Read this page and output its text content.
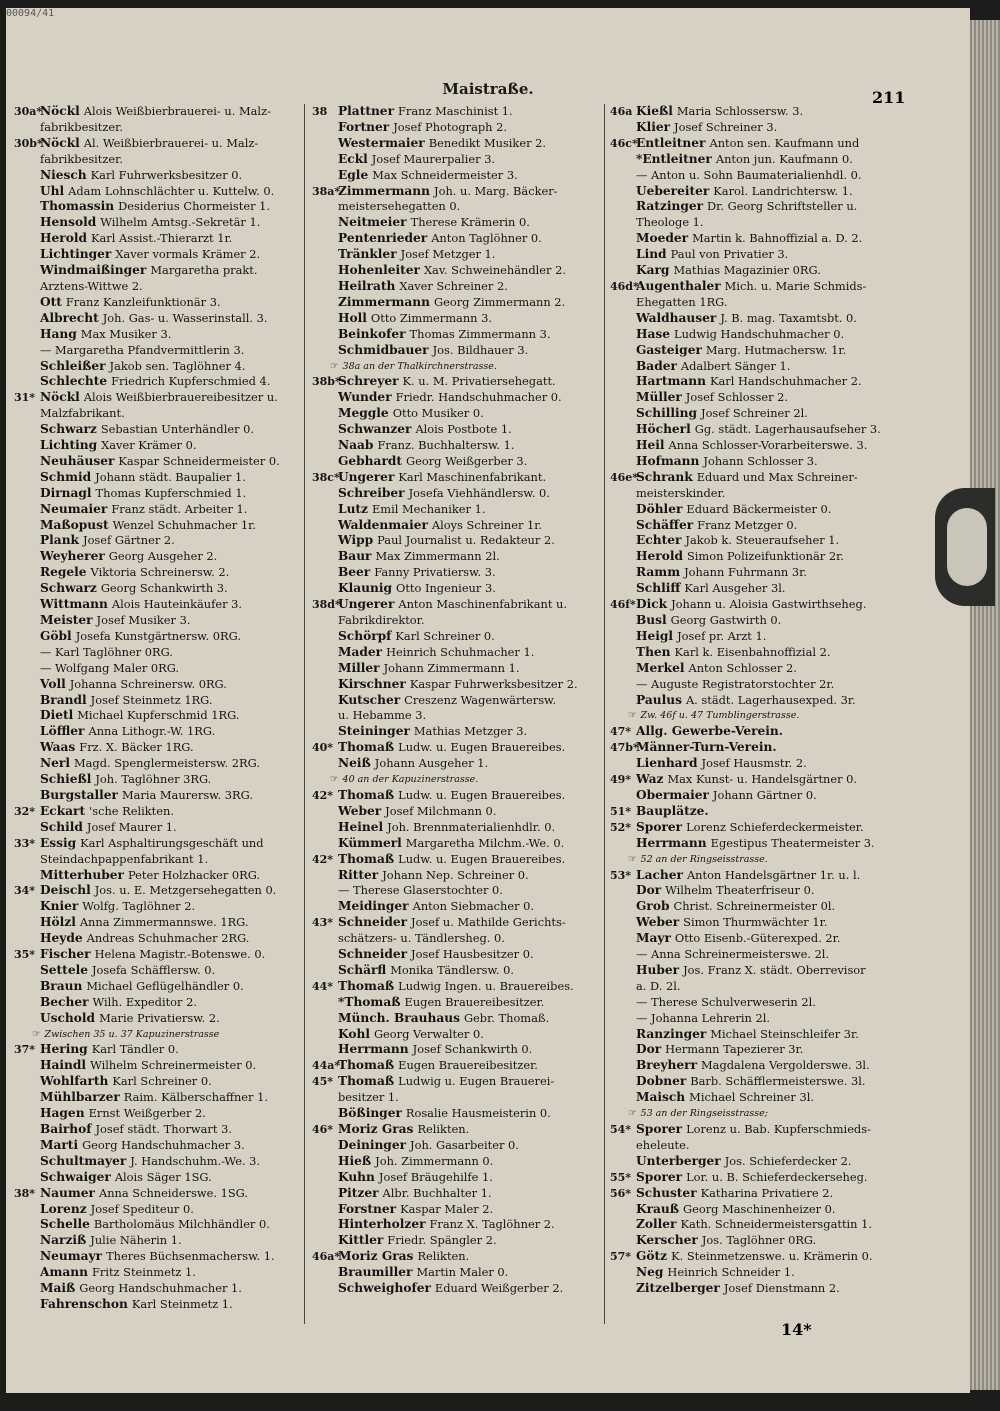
00094/41
Maistraße.	211
30a*
Nöckl Alois Weißbierbrauerei- u. Malz-
fabrikbesitzer.
30b*
Nöckl Al. Weißbierbrauerei- u. Malz-
fabrikbesitzer.
Niesch Karl Fuhrwerksbesitzer 0.
Uhl Adam Lohnschlächter u. Kuttelw. 0.
Thomassin Desiderius Chormeister 1.
Hensold Wilhelm Amtsg.-Sekretär 1.
Herold Karl Assist.-Thierarzt 1r.
Lichtinger Xaver vormals Krämer 2.
Windmaißinger Margaretha prakt.
Arztens-Wittwe 2.
Ott Franz Kanzleifunktionär 3.
Albrecht Joh. Gas- u. Wasserinstall. 3.
Hang Max Musiker 3.
— Margaretha Pfandvermittlerin 3.
Schleißer Jakob sen. Taglöhner 4.
Schlechte Friedrich Kupferschmied 4.
31* Nöckl Alois Weißbierbrauereibesitzer u.
Malzfabrikant.
Schwarz Sebastian Unterhändler 0.
Lichting Xaver Krämer 0.
Neuhäuser Kaspar Schneidermeister 0.
Schmid Johann städt. Baupalier 1.
Dirnagl Thomas Kupferschmied 1.
Neumaier Franz städt. Arbeiter 1.
Maßopust Wenzel Schuhmacher 1r.
Plank Josef Gärtner 2.
Weyherer Georg Ausgeher 2.
Regele Viktoria Schreinersw. 2.
Schwarz Georg Schankwirth 3.
Wittmann Alois Hauteinkäufer 3.
Meister Josef Musiker 3.
Göbl Josefa Kunstgärtnersw. 0RG.
— Karl Taglöhner 0RG.
— Wolfgang Maler 0RG.
Voll Johanna Schreinersw. 0RG.
Brandl Josef Steinmetz 1RG.
Dietl Michael Kupferschmid 1RG.
Löffler Anna Lithogr.-W. 1RG.
Waas Frz. X. Bäcker 1RG.
Nerl Magd. Spenglermeistersw. 2RG.
Schießl Joh. Taglöhner 3RG.
Burgstaller Maria Maurersw. 3RG.
32* Eckart 'sche Relikten.
Schild Josef Maurer 1.
33* Essig Karl Asphaltirungsgeschäft und
Steindachpappenfabrikant 1.
Mitterhuber Peter Holzhacker 0RG.
34* Deischl Jos. u. E. Metzgersehegatten 0.
Knier Wolfg. Taglöhner 2.
Hölzl Anna Zimmermannswe. 1RG.
Heyde Andreas Schuhmacher 2RG.
35* Fischer Helena Magistr.-Botenswe. 0.
Settele Josefa Schäfflersw. 0.
Braun Michael Geflügelhändler 0.
Becher Wilh. Expeditor 2.
Uschold Marie Privatiersw. 2.
☞ Zwischen 35 u. 37 Kapuzinerstrasse
37* Hering Karl Tändler 0.
Haindl Wilhelm Schreinermeister 0.
Wohlfarth Karl Schreiner 0.
Mühlbarzer Raim. Kälberschaffner 1.
Hagen Ernst Weißgerber 2.
Bairhof Josef städt. Thorwart 3.
Marti Georg Handschuhmacher 3.
Schultmayer J. Handschuhm.-We. 3.
Schwaiger Alois Säger 1SG.
38* Naumer Anna Schneiderswe. 1SG.
Lorenz Josef Spediteur 0.
Schelle Bartholomäus Milchhändler 0.
Narziß Julie Näherin 1.
Neumayr Theres Büchsenmachersw. 1.
Amann Fritz Steinmetz 1.
Maiß Georg Handschuhmacher 1.
Fahrenschon Karl Steinmetz 1.
38 Plattner Franz Maschinist 1.
Fortner Josef Photograph 2.
Westermaier Benedikt Musiker 2.
Eckl Josef Maurerpalier 3.
Egle Max Schneidermeister 3.
38a*
Zimmermann Joh. u. Marg. Bäcker-
meistersehegatten 0.
Neitmeier Therese Krämerin 0.
Pentenrieder Anton Taglöhner 0.
Tränkler Josef Metzger 1.
Hohenleiter Xav. Schweinehändler 2.
Heilrath Xaver Schreiner 2.
Zimmermann Georg Zimmermann 2.
Holl Otto Zimmermann 3.
Beinkofer Thomas Zimmermann 3.
Schmidbauer Jos. Bildhauer 3.
☞ 38a an der Thalkirchnerstrasse.
38b*
Schreyer K. u. M. Privatiersehegatt.
Wunder Friedr. Handschuhmacher 0.
Meggle Otto Musiker 0.
Schwanzer Alois Postbote 1.
Naab Franz. Buchhaltersw. 1.
Gebhardt Georg Weißgerber 3.
38c*
Ungerer Karl Maschinenfabrikant.
Schreiber Josefa Viehhändlersw. 0.
Lutz Emil Mechaniker 1.
Waldenmaier Aloys Schreiner 1r.
Wipp Paul Journalist u. Redakteur 2.
Baur Max Zimmermann 2l.
Beer Fanny Privatiersw. 3.
Klaunig Otto Ingenieur 3.
38d*
Ungerer Anton Maschinenfabrikant u.
Fabrikdirektor.
Schörpf Karl Schreiner 0.
Mader Heinrich Schuhmacher 1.
Miller Johann Zimmermann 1.
Kirschner Kaspar Fuhrwerksbesitzer 2.
Kutscher Creszenz Wagenwärtersw.
u. Hebamme 3.
Steininger Mathias Metzger 3.
40* Thomaß Ludw. u. Eugen Brauereibes.
Neiß Johann Ausgeher 1.
☞ 40 an der Kapuzinerstrasse.
42* Thomaß Ludw. u. Eugen Brauereibes.
Weber Josef Milchmann 0.
Heinel Joh. Brennmaterialienhdlr. 0.
Kümmerl Margaretha Milchm.-We. 0.
42* Thomaß Ludw. u. Eugen Brauereibes.
Ritter Johann Nep. Schreiner 0.
— Therese Glaserstochter 0.
Meidinger Anton Siebmacher 0.
43* Schneider Josef u. Mathilde Gerichts-
schätzers- u. Tändlersheg. 0.
Schneider Josef Hausbesitzer 0.
Schärfl Monika Tändlersw. 0.
44* Thomaß Ludwig Ingen. u. Brauereibes.
*Thomaß Eugen Brauereibesitzer.
Münch. Brauhaus Gebr. Thomaß.
Kohl Georg Verwalter 0.
Herrmann Josef Schankwirth 0.
44a*
Thomaß Eugen Brauereibesitzer.
45* Thomaß Ludwig u. Eugen Brauerei-
besitzer 1.
Bößinger Rosalie Hausmeisterin 0.
46* Moriz Gras Relikten.
Deininger Joh. Gasarbeiter 0.
Hieß Joh. Zimmermann 0.
Kuhn Josef Bräugehilfe 1.
Pitzer Albr. Buchhalter 1.
Forstner Kaspar Maler 2.
Hinterholzer Franz X. Taglöhner 2.
Kittler Friedr. Spängler 2.
46a*
Moriz Gras Relikten.
Braumiller Martin Maler 0.
Schweighofer Eduard Weißgerber 2.
46a Kießl Maria Schlossersw. 3.
Klier Josef Schreiner 3.
46c*
Entleitner Anton sen. Kaufmann und
*Entleitner Anton jun. Kaufmann 0.
— Anton u. Sohn Baumaterialienhdl. 0.
Uebereiter Karol. Landrichtersw. 1.
Ratzinger Dr. Georg Schriftsteller u.
Theologe 1.
Moeder Martin k. Bahnoffizial a. D. 2.
Lind Paul von Privatier 3.
Karg Mathias Magazinier 0RG.
46d*
Augenthaler Mich. u. Marie Schmids-
Ehegatten 1RG.
Waldhauser J. B. mag. Taxamtsbt. 0.
Hase Ludwig Handschuhmacher 0.
Gasteiger Marg. Hutmachersw. 1r.
Bader Adalbert Sänger 1.
Hartmann Karl Handschuhmacher 2.
Müller Josef Schlosser 2.
Schilling Josef Schreiner 2l.
Höcherl Gg. städt. Lagerhausaufseher 3.
Heil Anna Schlosser-Vorarbeiterswe. 3.
Hofmann Johann Schlosser 3.
46e*
Schrank Eduard und Max Schreiner-
meisterskinder.
Döhler Eduard Bäckermeister 0.
Schäffer Franz Metzger 0.
Echter Jakob k. Steueraufseher 1.
Herold Simon Polizeifunktionär 2r.
Ramm Johann Fuhrmann 3r.
Schliff Karl Ausgeher 3l.
46f* Dick Johann u. Aloisia Gastwirthseheg.
Busl Georg Gastwirth 0.
Heigl Josef pr. Arzt 1.
Then Karl k. Eisenbahnoffizial 2.
Merkel Anton Schlosser 2.
— Auguste Registratorstochter 2r.
Paulus A. städt. Lagerhausexped. 3r.
☞ Zw. 46f u. 47 Tumblingerstrasse.
47* Allg. Gewerbe-Verein.
47b*
Männer-Turn-Verein.
Lienhard Josef Hausmstr. 2.
49* Waz Max Kunst- u. Handelsgärtner 0.
Obermaier Johann Gärtner 0.
51* Bauplätze.
52* Sporer Lorenz Schieferdeckermeister.
Herrmann Egestipus Theatermeister 3.
☞ 52 an der Ringseisstrasse.
53* Lacher Anton Handelsgärtner 1r. u. l.
Dor Wilhelm Theaterfriseur 0.
Grob Christ. Schreinermeister 0l.
Weber Simon Thurmwächter 1r.
Mayr Otto Eisenb.-Güterexped. 2r.
— Anna Schreinermeisterswe. 2l.
Huber Jos. Franz X. städt. Oberrevisor
a. D. 2l.
— Therese Schulverweserin 2l.
— Johanna Lehrerin 2l.
Ranzinger Michael Steinschleifer 3r.
Dor Hermann Tapezierer 3r.
Breyherr Magdalena Vergolderswe. 3l.
Dobner Barb. Schäfflermeisterswe. 3l.
Maisch Michael Schreiner 3l.
☞ 53 an der Ringseisstrasse;
54* Sporer Lorenz u. Bab. Kupferschmieds-
eheleute.
Unterberger Jos. Schieferdecker 2.
55* Sporer Lor. u. B. Schieferdeckerseheg.
56* Schuster Katharina Privatiere 2.
Krauß Georg Maschinenheizer 0.
Zoller Kath. Schneidermeistersgattin 1.
Kerscher Jos. Taglöhner 0RG.
57* Götz K. Steinmetzenswe. u. Krämerin 0.
Neg Heinrich Schneider 1.
Zitzelberger Josef Dienstmann 2.
14*
